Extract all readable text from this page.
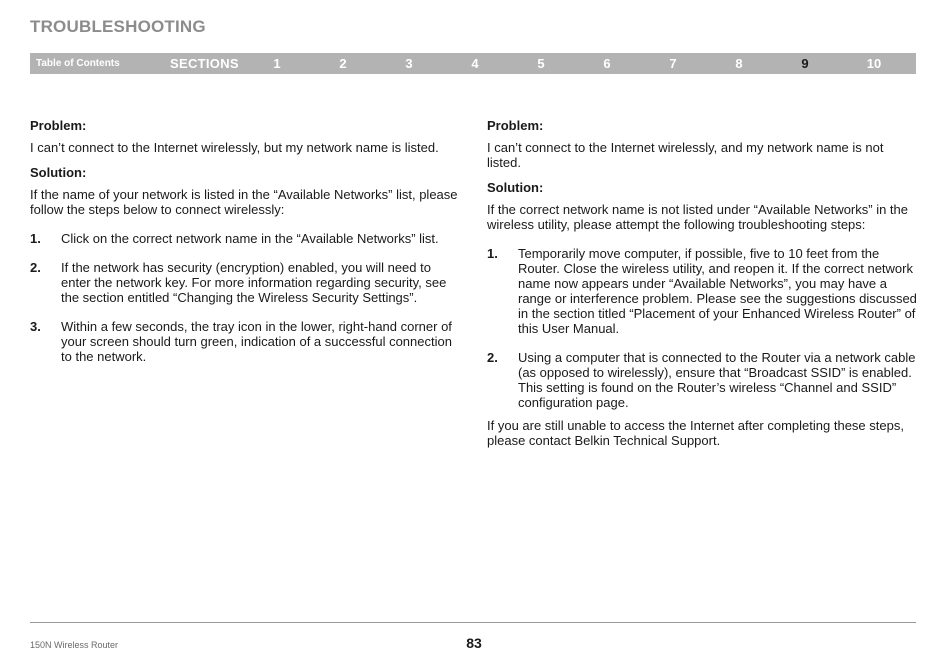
TROUBLESHOOTING
Table of Contents	SECTIONS	1	2	3	4	5	6	7	8	9	10

Problem:

I can’t connect to the Internet wirelessly, but my network name is listed.

Solution:

If the name of your network is listed in the “Available Networks” list, please follow the steps below to connect wirelessly:

1. Click on the correct network name in the “Available Networks” list.
2. If the network has security (encryption) enabled, you will need to enter the network key. For more information regarding security, see the section entitled “Changing the Wireless Security Settings”.
3. Within a few seconds, the tray icon in the lower, right-hand corner of your screen should turn green, indication of a successful connection to the network.

Problem:

I can’t connect to the Internet wirelessly, and my network name is not listed.

Solution:

If the correct network name is not listed under “Available Networks” in the wireless utility, please attempt the following troubleshooting steps:

1. Temporarily move computer, if possible, five to 10 feet from the Router. Close the wireless utility, and reopen it. If the correct network name now appears under “Available Networks”, you may have a range or interference problem. Please see the suggestions discussed in the section titled “Placement of your Enhanced Wireless Router” of this User Manual.
2. Using a computer that is connected to the Router via a network cable (as opposed to wirelessly), ensure that “Broadcast SSID” is enabled. This setting is found on the Router’s wireless “Channel and SSID” configuration page.

If you are still unable to access the Internet after completing these steps, please contact Belkin Technical Support.

150N Wireless Router	83
